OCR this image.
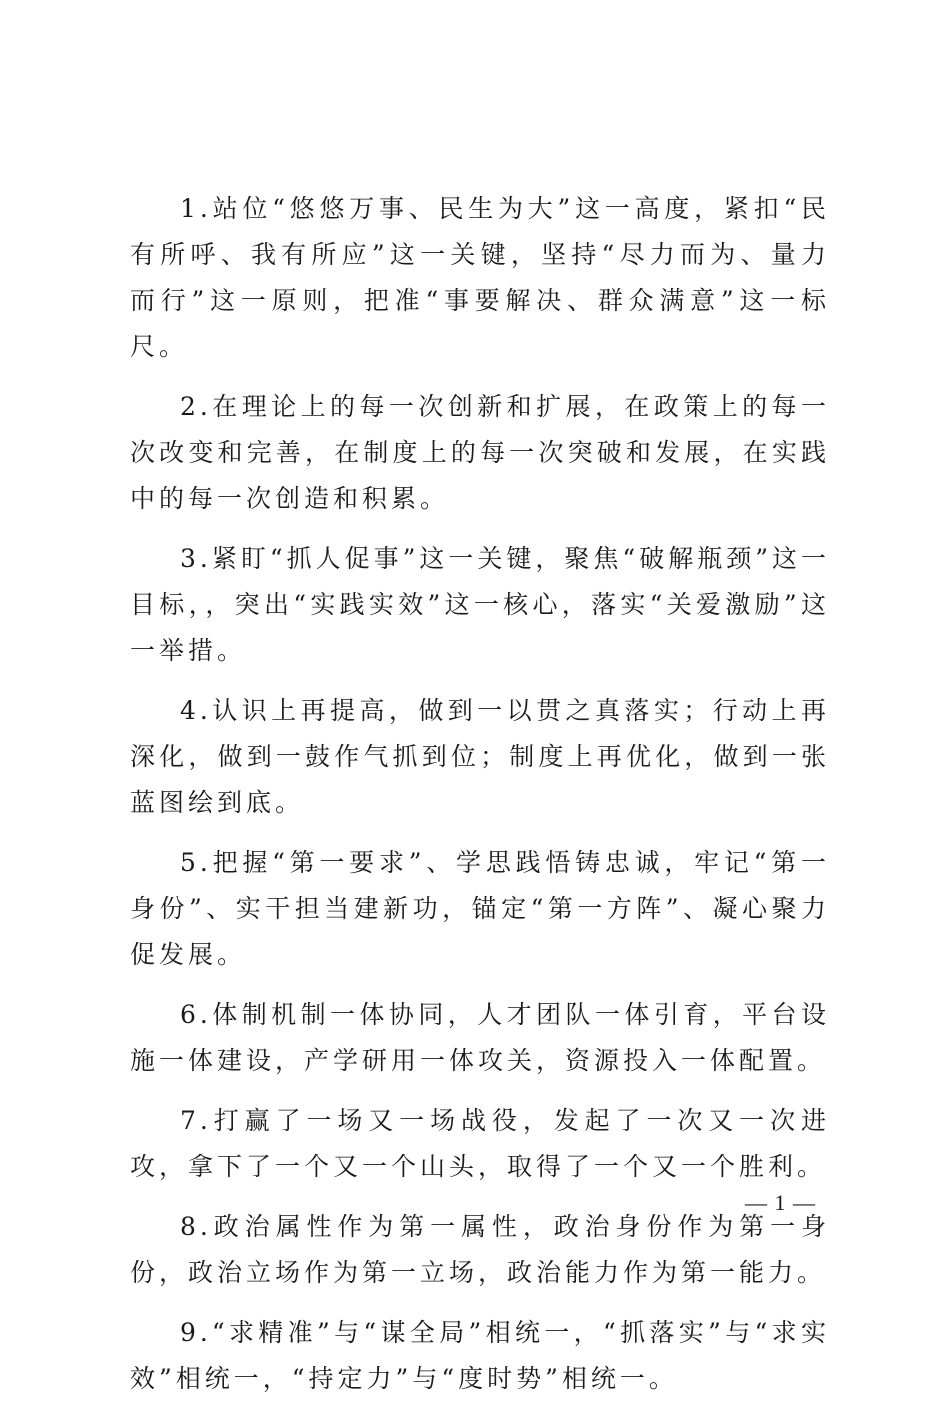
1.站位“悠悠万事、民生为大”这一高度，紧扣“民有所呼、我有所应”这一关键，坚持“尽力而为、量力而行”这一原则，把准“事要解决、群众满意”这一标尺。

2.在理论上的每一次创新和扩展，在政策上的每一次改变和完善，在制度上的每一次突破和发展，在实践中的每一次创造和积累。

3.紧盯“抓人促事”这一关键，聚焦“破解瓶颈”这一目标，，突出“实践实效”这一核心，落实“关爱激励”这一举措。

4.认识上再提高，做到一以贯之真落实；行动上再深化，做到一鼓作气抓到位；制度上再优化，做到一张蓝图绘到底。

5.把握“第一要求”、学思践悟铸忠诚，牢记“第一身份”、实干担当建新功，锚定“第一方阵”、凝心聚力促发展。

6.体制机制一体协同，人才团队一体引育，平台设施一体建设，产学研用一体攻关，资源投入一体配置。

7.打赢了一场又一场战役，发起了一次又一次进攻，拿下了一个又一个山头，取得了一个又一个胜利。

8.政治属性作为第一属性，政治身份作为第一身份，政治立场作为第一立场，政治能力作为第一能力。

9.“求精准”与“谋全局”相统一，“抓落实”与“求实效”相统一，“持定力”与“度时势”相统一。

— 1 —
